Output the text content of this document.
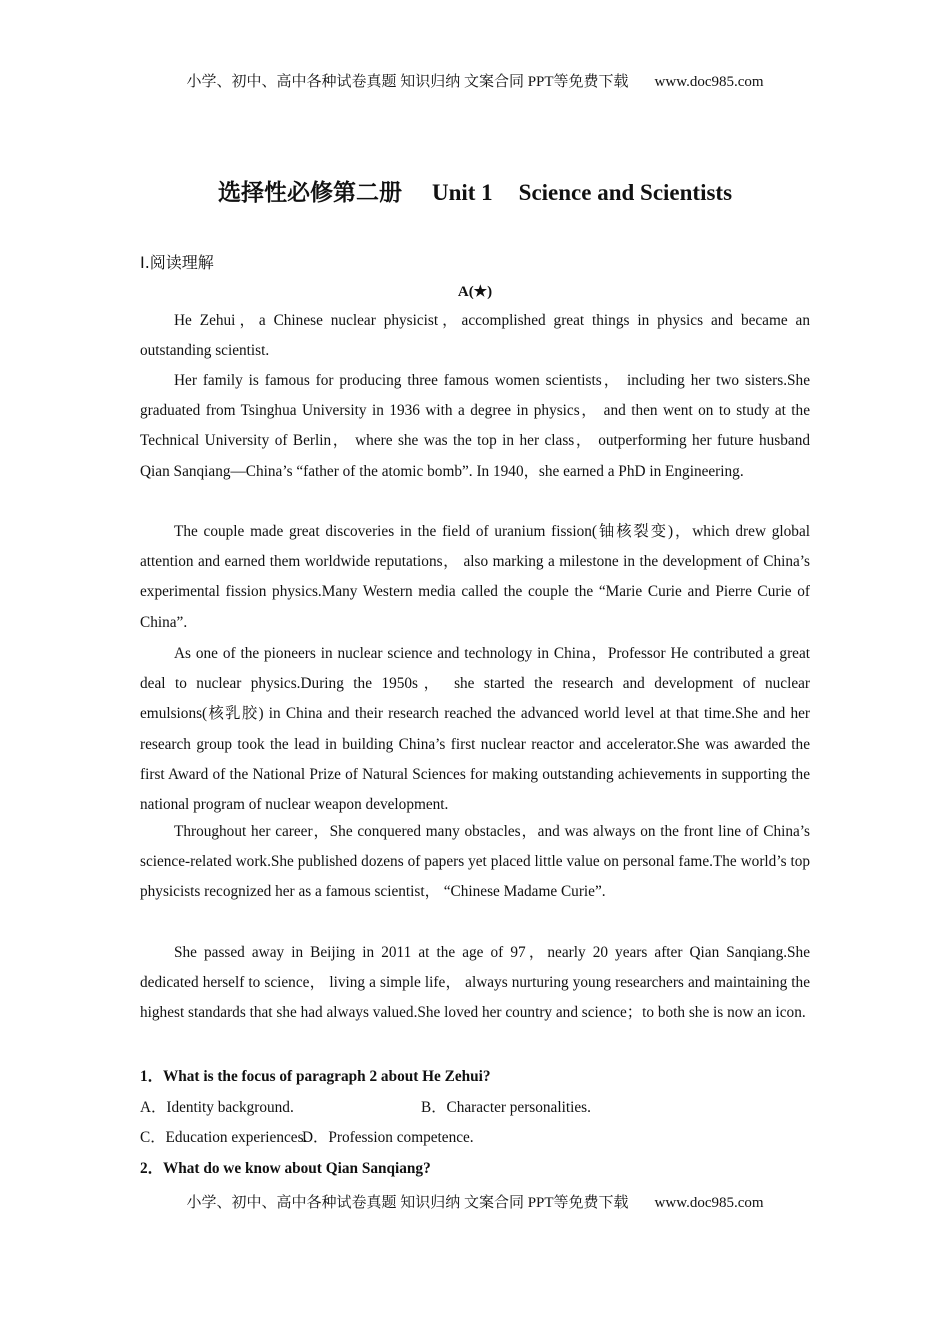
小学、初中、高中各种试卷真题 知识归纳 文案合同 PPT等免费下载 www.doc985.com
选择性必修第二册 Unit 1 Science and Scientists
Ⅰ.阅读理解
A(★)

He Zehui，a Chinese nuclear physicist，accomplished great things in physics and became an outstanding scientist.

Her family is famous for producing three famous women scientists， including her two sisters.She graduated from Tsinghua University in 1936 with a degree in physics， and then went on to study at the Technical University of Berlin， where she was the top in her class， outperforming her future husband Qian Sanqiang—China’s “father of the atomic bomb”. In 1940，she earned a PhD in Engineering.

The couple made great discoveries in the field of uranium fission(铀核裂变)，which drew global attention and earned them worldwide reputations， also marking a milestone in the development of China’s experimental fission physics.Many Western media called the couple the “Marie Curie and Pierre Curie of China”.

As one of the pioneers in nuclear science and technology in China，Professor He contributed a great deal to nuclear physics.During the 1950s， she started the research and development of nuclear emulsions(核乳胶) in China and their research reached the advanced world level at that time.She and her research group took the lead in building China’s first nuclear reactor and accelerator.She was awarded the first Award of the National Prize of Natural Sciences for making outstanding achievements in supporting the national program of nuclear weapon development.

Throughout her career，She conquered many obstacles，and was always on the front line of China’s science-related work.She published dozens of papers yet placed little value on personal fame.The world’s top physicists recognized her as a famous scientist， “Chinese Madame Curie”.

She passed away in Beijing in 2011 at the age of 97，nearly 20 years after Qian Sanqiang.She dedicated herself to science， living a simple life， always nurturing young researchers and maintaining the highest standards that she had always valued.She loved her country and science；to both she is now an icon.

1．What is the focus of paragraph 2 about He Zehui?

A．Identity background.	B．Character personalities.
C．Education experiences.
D．Profession competence.

2．What do we know about Qian Sanqiang?

小学、初中、高中各种试卷真题 知识归纳 文案合同 PPT等免费下载 www.doc985.com
